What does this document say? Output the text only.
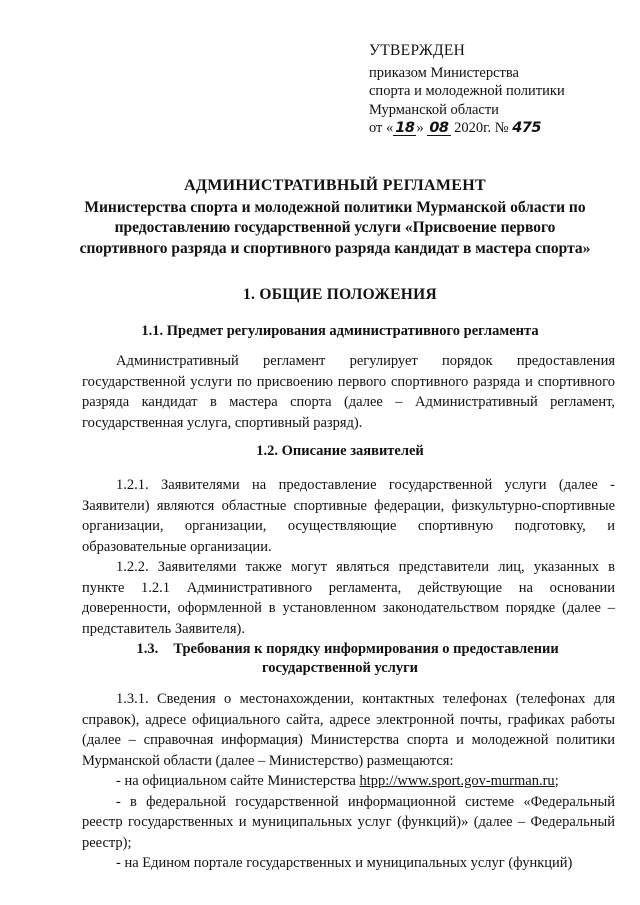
УТВЕРЖДЕН
приказом Министерства
спорта и молодежной политики
Мурманской области
от « 18 » 08 2020г. № 475
АДМИНИСТРАТИВНЫЙ РЕГЛАМЕНТ
Министерства спорта и молодежной политики Мурманской области по
предоставлению государственной услуги «Присвоение первого
спортивного разряда и спортивного разряда кандидат в мастера спорта»
1. ОБЩИЕ ПОЛОЖЕНИЯ
1.1. Предмет регулирования административного регламента

Административный регламент регулирует порядок предоставления государственной услуги по присвоению первого спортивного разряда и спортивного разряда кандидат в мастера спорта (далее – Административный регламент, государственная услуга, спортивный разряд).

1.2. Описание заявителей

1.2.1. Заявителями на предоставление государственной услуги (далее - Заявители) являются областные спортивные федерации, физкультурно-спортивные организации, организации, осуществляющие спортивную подготовку, и образовательные организации.

1.2.2. Заявителями также могут являться представители лиц, указанных в пункте 1.2.1 Административного регламента, действующие на основании доверенности, оформленной в установленном законодательством порядке (далее – представитель Заявителя).

1.3.	Требования к порядку информирования о предоставлении
государственной услуги

1.3.1. Сведения о местонахождении, контактных телефонах (телефонах для справок), адресе официального сайта, адресе электронной почты, графиках работы (далее – справочная информация) Министерства спорта и молодежной политики Мурманской области (далее – Министерство) размещаются:

- на официальном сайте Министерства htpp://www.sport.gov-murman.ru;

- в федеральной государственной информационной системе «Федеральный реестр государственных и муниципальных услуг (функций)» (далее – Федеральный реестр);

- на Едином портале государственных и муниципальных услуг (функций)
